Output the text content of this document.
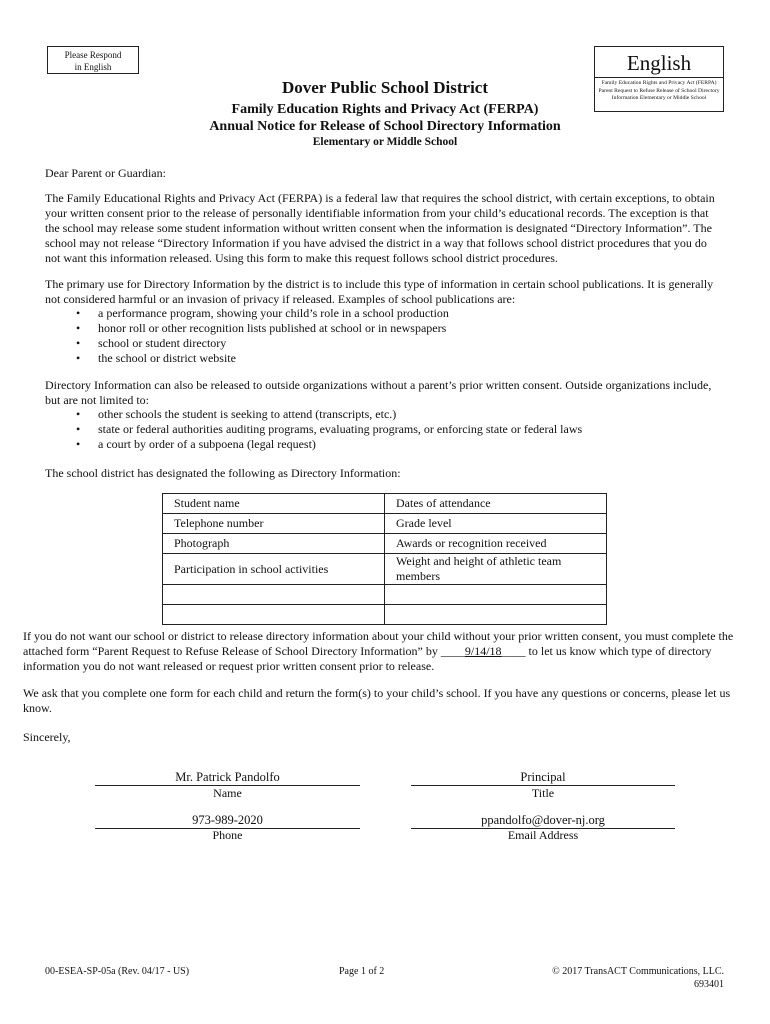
Please Respond
in English	English
Family Education Rights and Privacy Act (FERPA) Parent Request to Refuse Release of School Directory Information Elementary or Middle School
Dover Public School District
Family Education Rights and Privacy Act (FERPA)
Annual Notice for Release of School Directory Information
Elementary or Middle School
Dear Parent or Guardian:
The Family Educational Rights and Privacy Act (FERPA) is a federal law that requires the school district, with certain exceptions, to obtain your written consent prior to the release of personally identifiable information from your child’s educational records. The exception is that the school may release some student information without written consent when the information is designated “Directory Information”. The school may not release “Directory Information if you have advised the district in a way that follows school district procedures that you do not want this information released. Using this form to make this request follows school district procedures.
The primary use for Directory Information by the district is to include this type of information in certain school publications. It is generally not considered harmful or an invasion of privacy if released. Examples of school publications are:
• a performance program, showing your child’s role in a school production
• honor roll or other recognition lists published at school or in newspapers
• school or student directory
• the school or district website
Directory Information can also be released to outside organizations without a parent’s prior written consent. Outside organizations include, but are not limited to:
• other schools the student is seeking to attend (transcripts, etc.)
• state or federal authorities auditing programs, evaluating programs, or enforcing state or federal laws
• a court by order of a subpoena (legal request)
The school district has designated the following as Directory Information:
Student name	Dates of attendance
Telephone number	Grade level
Photograph	Awards or recognition received
Participation in school activities	Weight and height of athletic team members

If you do not want our school or district to release directory information about your child without your prior written consent, you must complete the attached form “Parent Request to Refuse Release of School Directory Information” by ____9/14/18____ to let us know which type of directory information you do not want released or request prior written consent prior to release.
We ask that you complete one form for each child and return the form(s) to your child’s school. If you have any questions or concerns, please let us know.
Sincerely,
Mr. Patrick Pandolfo
Name
Principal
Title
973-989-2020
Phone
ppandolfo@dover-nj.org
Email Address
00-ESEA-SP-05a (Rev. 04/17 - US)	Page 1 of 2	© 2017 TransACT Communications, LLC.
693401
